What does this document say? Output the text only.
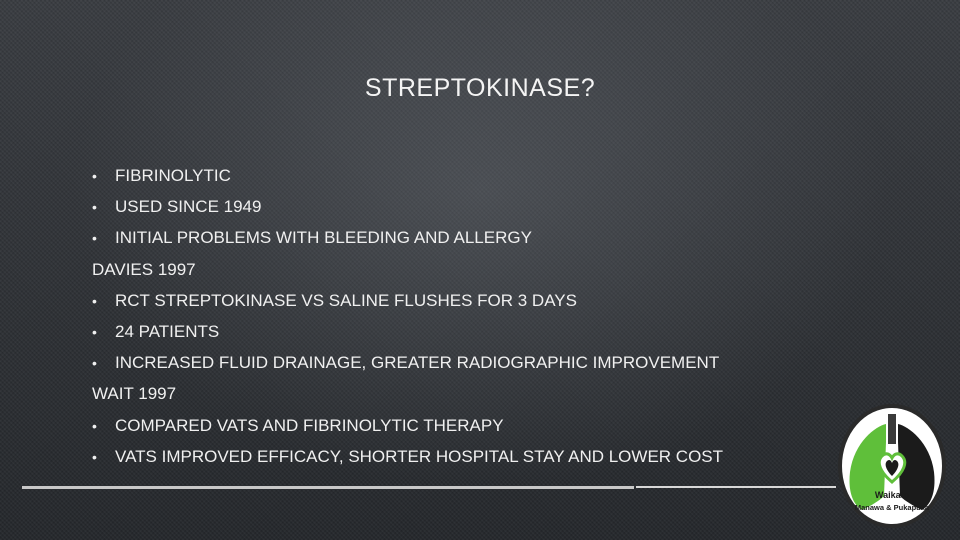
STREPTOKINASE?
• FIBRINOLYTIC
• USED SINCE 1949
• INITIAL PROBLEMS WITH BLEEDING AND ALLERGY
DAVIES 1997
• RCT STREPTOKINASE VS SALINE FLUSHES FOR 3 DAYS
• 24 PATIENTS
• INCREASED FLUID DRAINAGE, GREATER RADIOGRAPHIC IMPROVEMENT
WAIT 1997
• COMPARED VATS AND FIBRINOLYTIC THERAPY
• VATS IMPROVED EFFICACY, SHORTER HOSPITAL STAY AND LOWER COST
Waikato
Manawa & Pukapuka
